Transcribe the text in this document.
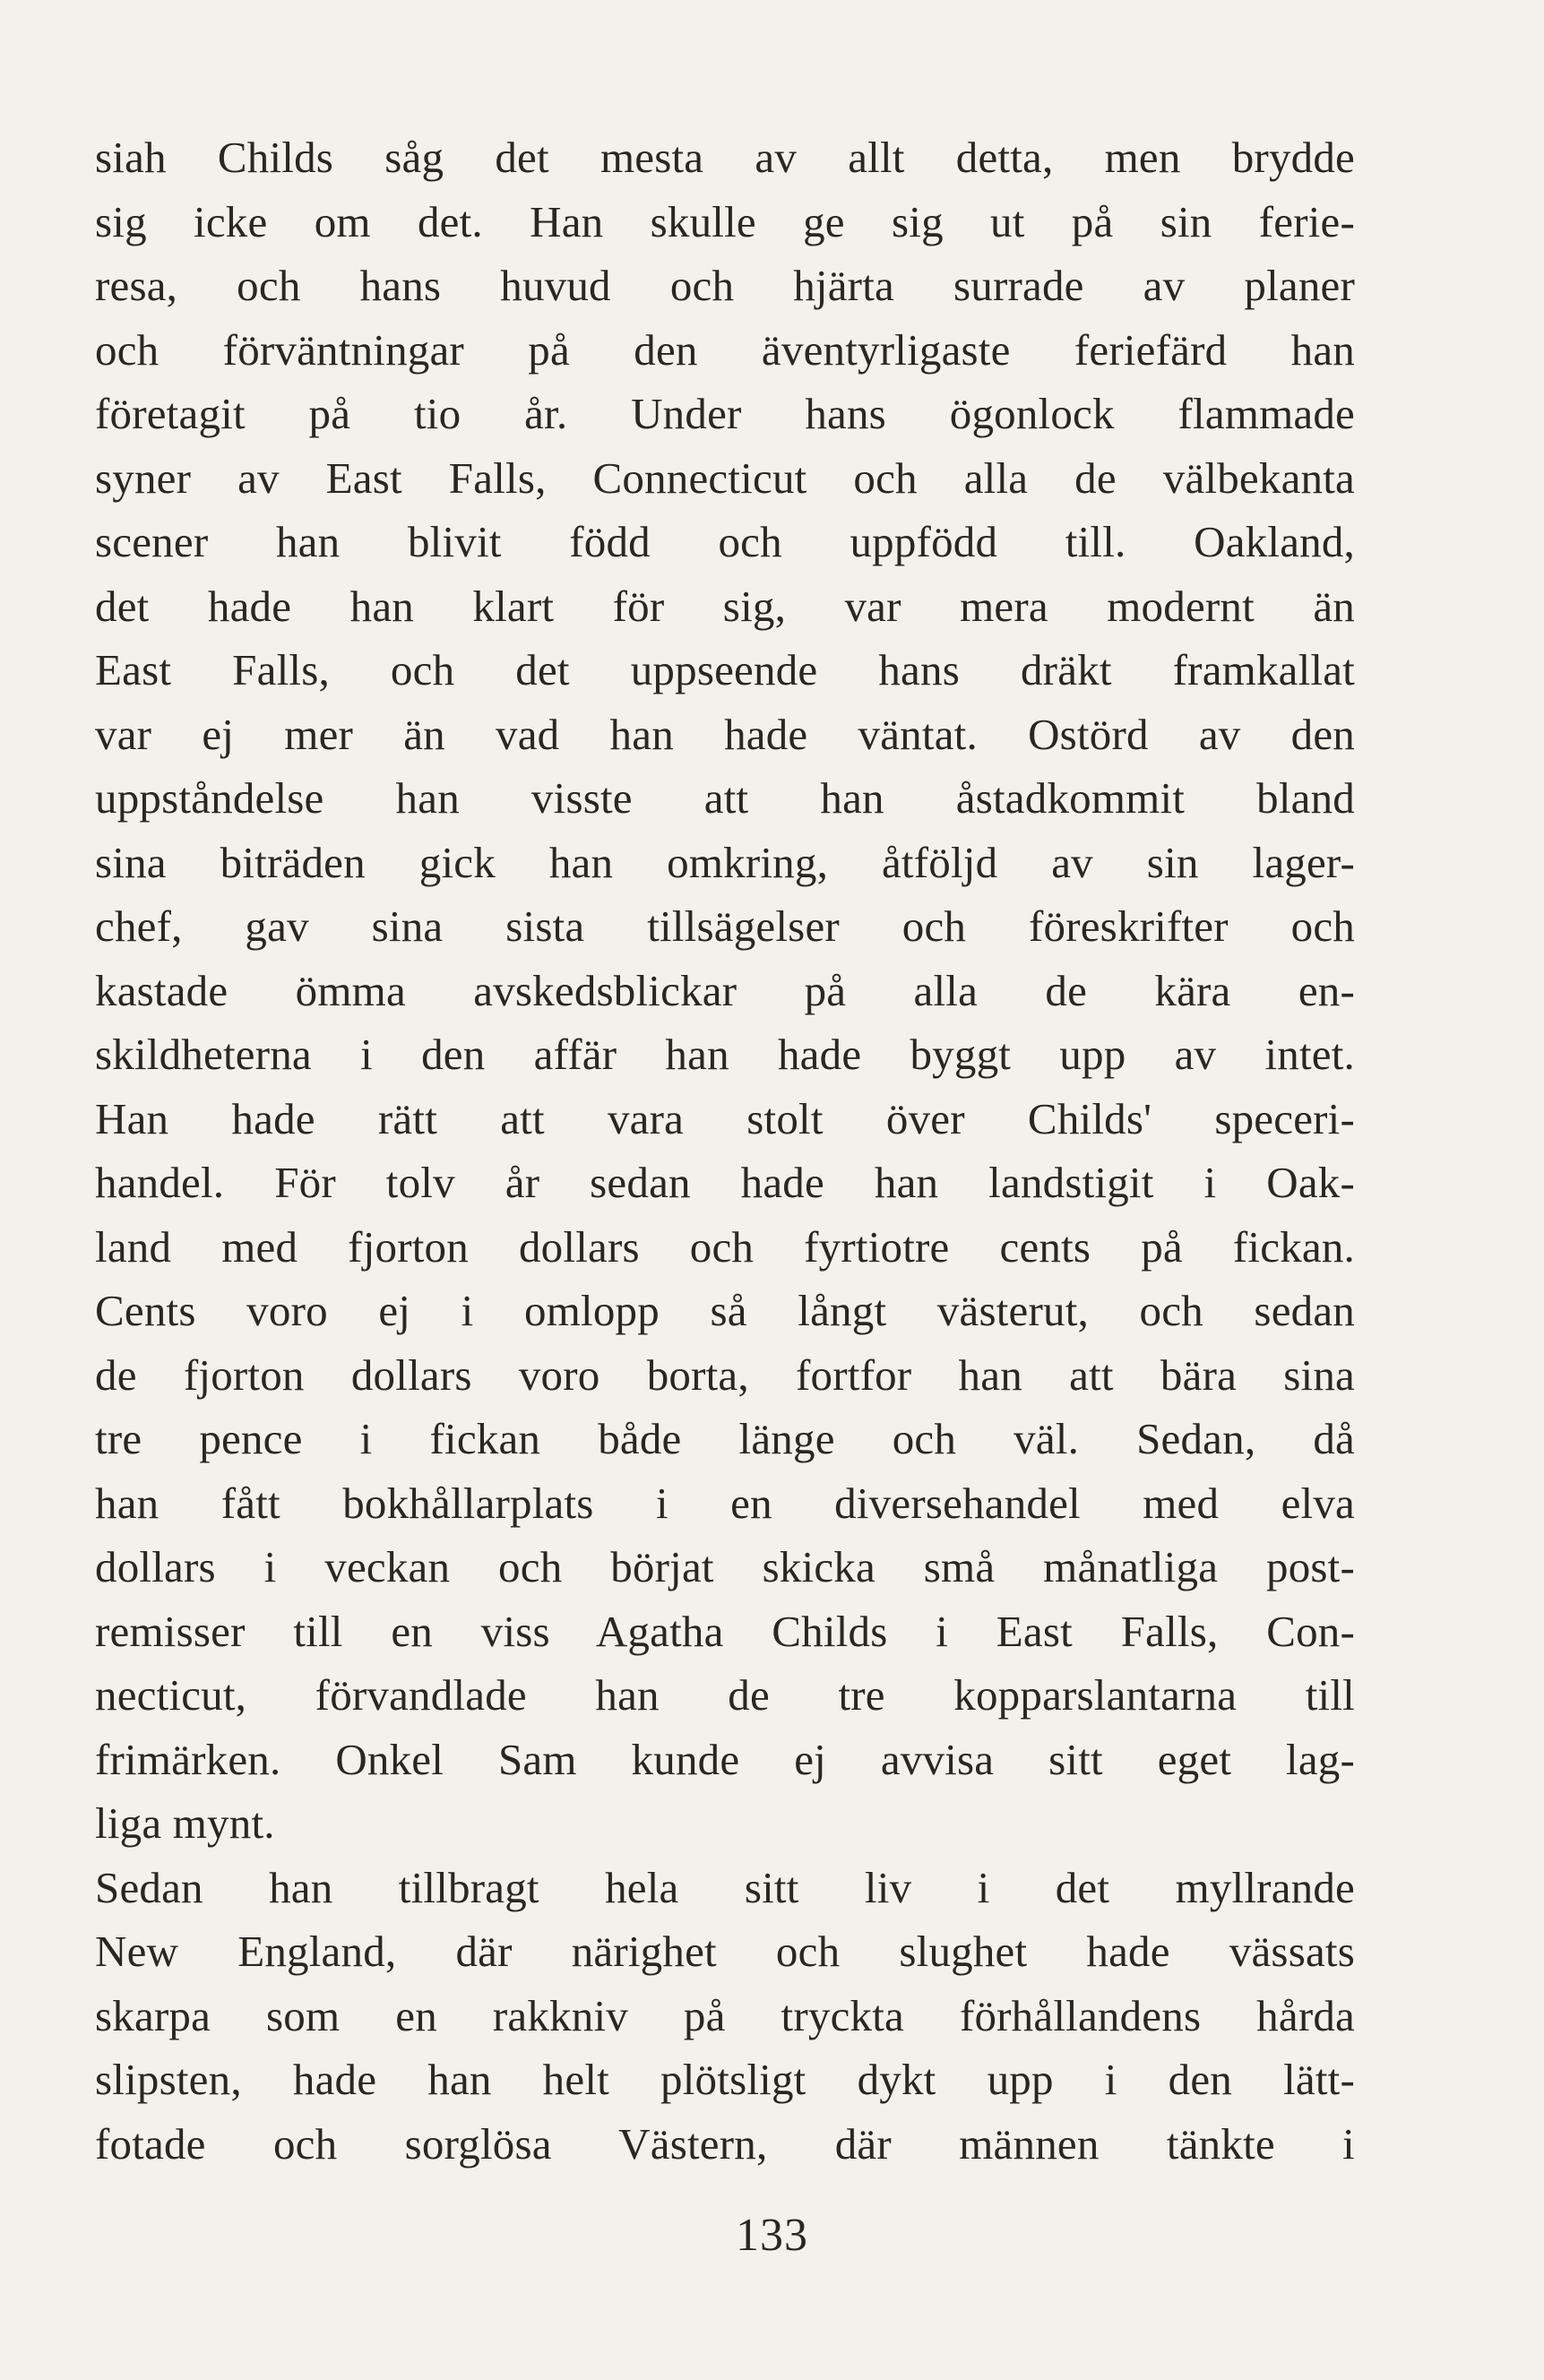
siah Childs såg det mesta av allt detta, men brydde
sig icke om det. Han skulle ge sig ut på sin ferie-
resa, och hans huvud och hjärta surrade av planer
och förväntningar på den äventyrligaste feriefärd han
företagit på tio år. Under hans ögonlock flammade
syner av East Falls, Connecticut och alla de välbekanta
scener han blivit född och uppfödd till. Oakland,
det hade han klart för sig, var mera modernt än
East Falls, och det uppseende hans dräkt framkallat
var ej mer än vad han hade väntat. Ostörd av den
uppståndelse han visste att han åstadkommit bland
sina biträden gick han omkring, åtföljd av sin lager-
chef, gav sina sista tillsägelser och föreskrifter och
kastade ömma avskedsblickar på alla de kära en-
skildheterna i den affär han hade byggt upp av intet.
Han hade rätt att vara stolt över Childs' speceri-
handel. För tolv år sedan hade han landstigit i Oak-
land med fjorton dollars och fyrtiotre cents på fickan.
Cents voro ej i omlopp så långt västerut, och sedan
de fjorton dollars voro borta, fortfor han att bära sina
tre pence i fickan både länge och väl. Sedan, då
han fått bokhållarplats i en diversehandel med elva
dollars i veckan och börjat skicka små månatliga post-
remisser till en viss Agatha Childs i East Falls, Con-
necticut, förvandlade han de tre kopparslantarna till
frimärken. Onkel Sam kunde ej avvisa sitt eget lag-
liga mynt.
Sedan han tillbragt hela sitt liv i det myllrande
New England, där närighet och slughet hade vässats
skarpa som en rakkniv på tryckta förhållandens hårda
slipsten, hade han helt plötsligt dykt upp i den lätt-
fotade och sorglösa Västern, där männen tänkte i
133
